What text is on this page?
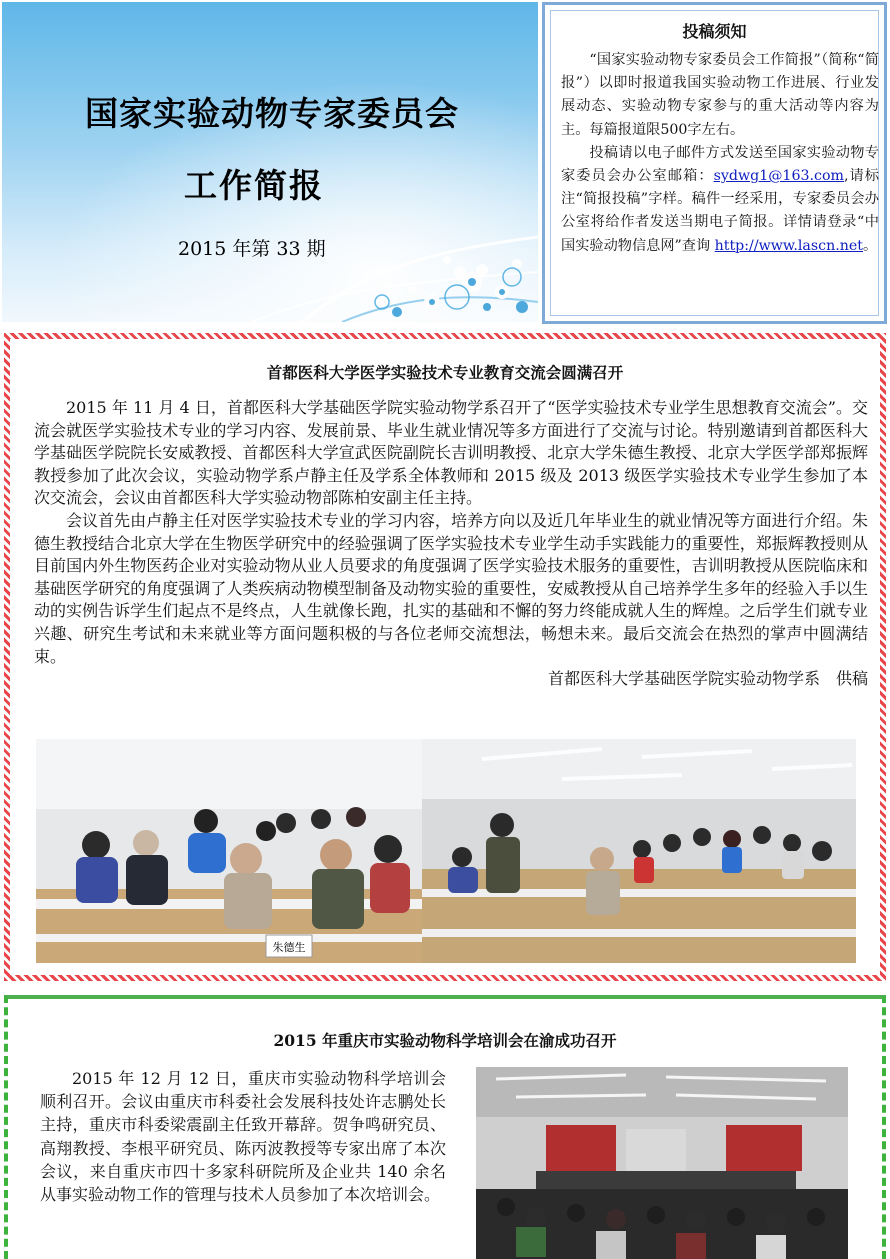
国家实验动物专家委员会
工作简报
2015 年第 33 期
投稿须知

“国家实验动物专家委员会工作简报”（简称“简报”）以即时报道我国实验动物工作进展、行业发展动态、实验动物专家参与的重大活动等内容为主。每篇报道限500字左右。

投稿请以电子邮件方式发送至国家实验动物专家委员会办公室邮箱：sydwg1@163.com,请标注“简报投稿”字样。稿件一经采用，专家委员会办公室将给作者发送当期电子简报。详情请登录“中国实验动物信息网”查询 http://www.lascn.net。

首都医科大学医学实验技术专业教育交流会圆满召开

2015 年 11 月 4 日，首都医科大学基础医学院实验动物学系召开了“医学实验技术专业学生思想教育交流会”。交流会就医学实验技术专业的学习内容、发展前景、毕业生就业情况等多方面进行了交流与讨论。特别邀请到首都医科大学基础医学院院长安威教授、首都医科大学宣武医院副院长吉训明教授、北京大学朱德生教授、北京大学医学部郑振辉教授参加了此次会议，实验动物学系卢静主任及学系全体教师和 2015 级及 2013 级医学实验技术专业学生参加了本次交流会，会议由首都医科大学实验动物部陈柏安副主任主持。

会议首先由卢静主任对医学实验技术专业的学习内容，培养方向以及近几年毕业生的就业情况等方面进行介绍。朱德生教授结合北京大学在生物医学研究中的经验强调了医学实验技术专业学生动手实践能力的重要性，郑振辉教授则从目前国内外生物医药企业对实验动物从业人员要求的角度强调了医学实验技术服务的重要性，吉训明教授从医院临床和基础医学研究的角度强调了人类疾病动物模型制备及动物实验的重要性，安威教授从自己培养学生多年的经验入手以生动的实例告诉学生们起点不是终点，人生就像长跑，扎实的基础和不懈的努力终能成就人生的辉煌。之后学生们就专业兴趣、研究生考试和未来就业等方面问题积极的与各位老师交流想法，畅想未来。最后交流会在热烈的掌声中圆满结束。

首都医科大学基础医学院实验动物学系　供稿

朱德生
2015 年重庆市实验动物科学培训会在渝成功召开

2015 年 12 月 12 日，重庆市实验动物科学培训会顺利召开。会议由重庆市科委社会发展科技处许志鹏处长主持，重庆市科委梁震副主任致开幕辞。贺争鸣研究员、高翔教授、李根平研究员、陈丙波教授等专家出席了本次会议，来自重庆市四十多家科研院所及企业共 140 余名从事实验动物工作的管理与技术人员参加了本次培训会。
